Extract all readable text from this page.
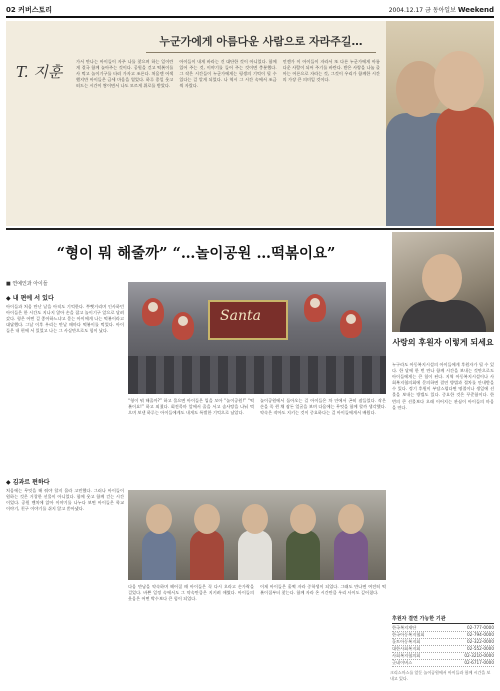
02 커버스토리	2004.12.17 금 동아일보 Weekend
누군가에게 아름다운 사람으로 자라주길…
T. 지훈
가서 만나는 아이들이 자주 나를 찾으며 하는 일이란 게 결국 함께 놀아주는 것이다. 공원을 걷고 떡볶이를 사 먹고 놀이기구를 타러 가자고 조른다. 처음엔 어색했지만 아이들은 금세 마음을 열었다. 하루 종일 웃고 떠드는 시간이 쌓이면서 나도 모르게 위로를 받았다.
아이들이 내게 바라는 건 대단한 것이 아니었다. 함께 있어 주는 것, 이야기를 들어 주는 것이면 충분했다. 그 작은 시간들이 누군가에게는 평생의 기억이 될 수 있다는 걸 알게 되었다. 나 역시 그 시간 속에서 조금씩 자랐다.
언젠가 이 아이들이 자라서 또 다른 누군가에게 아름다운 사람이 되어 주기를 바란다. 받은 사랑을 나눌 줄 아는 어른으로 자라는 것, 그것이 우리가 함께한 시간의 가장 큰 의미일 것이다.
“형이 뭐 해줄까” “…놀이공원 …떡볶이요”
■ 연예인과 아이들
◆ 내 편에 서 있다
아이들과 처음 만난 날을 아직도 기억한다. 쭈뼛거리며 인사하던 아이들은 한 시간도 지나지 않아 손을 잡고 놀이기구 앞으로 달려갔다. 형은 어떤 걸 좋아하느냐고 묻는 아이에게 나는 떡볶이라고 대답했다. 그날 이후 우리는 만날 때마다 떡볶이를 먹었다. 아이들은 내 편에 서 있었고 나는 그 사실만으로도 힘이 났다.
◆ 김과르 편하다
처음에는 무엇을 해 줘야 할지 몰라 고민했다. 그러나 아이들이 원하는 것은 거창한 선물이 아니었다. 함께 웃고 함께 걷는 시간이었다. 공원 벤치에 앉아 이야기를 나누다 보면 아이들은 학교 이야기, 친구 이야기를 쉬지 않고 쏟아냈다.
Santa
“형이 뭐 해줄까?” 하고 물으면 아이들은 입을 모아 “놀이공원!” “떡볶이요!” 하고 외쳤다. 회전목마 앞에서 줄을 서고 솜사탕을 나눠 먹으며 보낸 하루는 아이들에게도 내게도 특별한 기억으로 남았다.
놀이공원에서 돌아오는 길 아이들은 차 안에서 곤히 잠들었다. 작은 손을 꼭 쥔 채 잠든 얼굴을 보며 다음에는 무엇을 함께 할까 생각했다. 약속은 작아도 지키는 것이 중요하다는 걸 아이들에게서 배웠다.
다음 만남을 약속하며 헤어질 때 아이들은 꼭 다시 오라고 손가락을 걸었다. 바쁜 일정 속에서도 그 약속만큼은 지키려 애썼다. 아이들의 웃음은 어떤 박수보다 큰 힘이 되었다.
이제 아이들은 훌쩍 자라 중학생이 되었다. 그래도 만나면 여전히 떡볶이집부터 찾는다. 함께 자라 온 시간만큼 우리 사이도 깊어졌다.
사랑의 후원자 이렇게 되세요
누구라도 아동복지시설의 아이들에게 후원자가 될 수 있다. 한 달에 한 번 만나 함께 시간을 보내는 것만으로도 아이들에게는 큰 힘이 된다. 지역 아동복지시설이나 사회복지협의회에 문의하면 결연 방법과 절차를 안내받을 수 있다. 정기 후원이 부담스럽다면 명절이나 생일에 선물을 보내는 방법도 있다. 중요한 것은 꾸준함이다. 한 번의 큰 선물보다 오래 이어지는 관심이 아이들의 마음을 연다.
후원자 결연 가능한 기관
한국복지재단	02-777-0000
한국아동복지협회	02-794-0000
홀트아동복지회	02-322-0000
대한사회복지회	02-552-0000
사회복지협의회	02-3210-0000
굿네이버스	02-6717-0000
크리스마스를 앞둔 놀이공원에서 아이들과 함께 시간을 보내고 있다.
